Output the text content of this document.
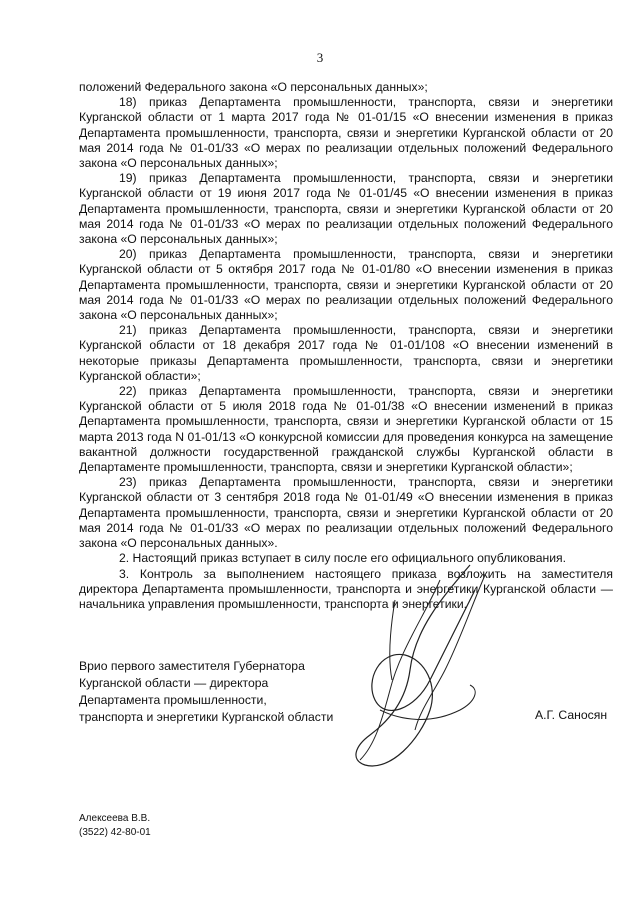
3

положений Федерального закона «О персональных данных»;

18) приказ Департамента промышленности, транспорта, связи и энергетики Курганской области от 1 марта 2017 года № 01-01/15 «О внесении изменения в приказ Департамента промышленности, транспорта, связи и энергетики Курганской области от 20 мая 2014 года № 01-01/33 «О мерах по реализации отдельных положений Федерального закона «О персональных данных»;

19) приказ Департамента промышленности, транспорта, связи и энергетики Курганской области от 19 июня 2017 года № 01-01/45 «О внесении изменения в приказ Департамента промышленности, транспорта, связи и энергетики Курганской области от 20 мая 2014 года № 01-01/33 «О мерах по реализации отдельных положений Федерального закона «О персональных данных»;

20) приказ Департамента промышленности, транспорта, связи и энергетики Курганской области от 5 октября 2017 года № 01-01/80 «О внесении изменения в приказ Департамента промышленности, транспорта, связи и энергетики Курганской области от 20 мая 2014 года № 01-01/33 «О мерах по реализации отдельных положений Федерального закона «О персональных данных»;

21) приказ Департамента промышленности, транспорта, связи и энергетики Курганской области от 18 декабря 2017 года № 01-01/108 «О внесении изменений в некоторые приказы Департамента промышленности, транспорта, связи и энергетики Курганской области»;

22) приказ Департамента промышленности, транспорта, связи и энергетики Курганской области от 5 июля 2018 года № 01-01/38 «О внесении изменений в приказ Департамента промышленности, транспорта, связи и энергетики Курганской области от 15 марта 2013 года N 01-01/13 «О конкурсной комиссии для проведения конкурса на замещение вакантной должности государственной гражданской службы Курганской области в Департаменте промышленности, транспорта, связи и энергетики Курганской области»;

23) приказ Департамента промышленности, транспорта, связи и энергетики Курганской области от 3 сентября 2018 года № 01-01/49 «О внесении изменения в приказ Департамента промышленности, транспорта, связи и энергетики Курганской области от 20 мая 2014 года № 01-01/33 «О мерах по реализации отдельных положений Федерального закона «О персональных данных».

2. Настоящий приказ вступает в силу после его официального опубликования.

3. Контроль за выполнением настоящего приказа возложить на заместителя директора Департамента промышленности, транспорта и энергетики Курганской области — начальника управления промышленности, транспорта и энергетики.

Врио первого заместителя Губернатора
Курганской области — директора
Департамента промышленности,
транспорта и энергетики Курганской области	А.Г. Саносян
Алексеева В.В.
(3522) 42-80-01
